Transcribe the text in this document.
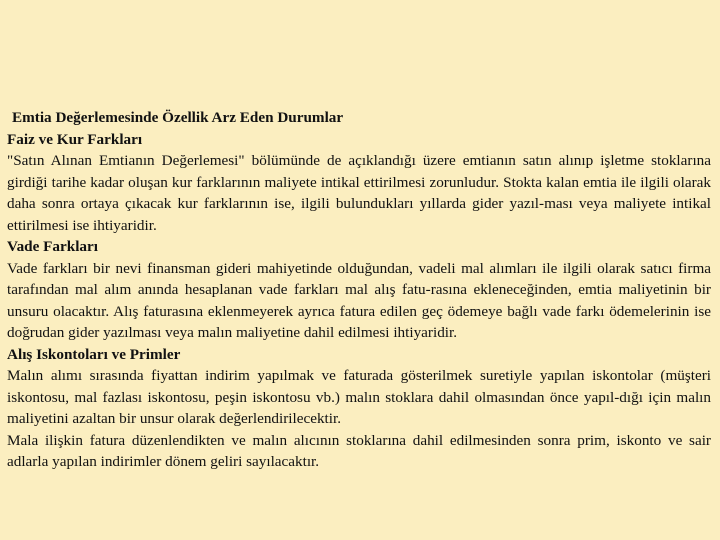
Emtia Değerlemesinde Özellik Arz Eden Durumlar

Faiz ve Kur Farkları

"Satın Alınan Emtianın Değerlemesi" bölümünde de açıklandığı üzere emtianın satın alınıp işletme stoklarına girdiği tarihe kadar oluşan kur farklarının maliyete intikal ettirilmesi zorunludur. Stokta kalan emtia ile ilgili olarak daha sonra ortaya çıkacak kur farklarının ise, ilgili bulundukları yıllarda gider yazıl-ması veya maliyete intikal ettirilmesi ise ihtiyaridir.

Vade Farkları

Vade farkları bir nevi finansman gideri mahiyetinde olduğundan, vadeli mal alımları ile ilgili olarak satıcı firma tarafından mal alım anında hesaplanan vade farkları mal alış fatu-rasına ekleneceğinden, emtia maliyetinin bir unsuru olacaktır. Alış faturasına eklenmeyerek ayrıca fatura edilen geç ödemeye bağlı vade farkı ödemelerinin ise doğrudan gider yazılması veya malın maliyetine dahil edilmesi ihtiyaridir.

Alış Iskontoları ve Primler

Malın alımı sırasında fiyattan indirim yapılmak ve faturada gösterilmek suretiyle yapılan iskontolar (müşteri iskontosu, mal fazlası iskontosu, peşin iskontosu vb.) malın stoklara dahil olmasından önce yapıl-dığı için malın maliyetini azaltan bir unsur olarak değerlendirilecektir.

Mala ilişkin fatura düzenlendikten ve malın alıcının stoklarına dahil edilmesinden sonra prim, iskonto ve sair adlarla yapılan indirimler dönem geliri sayılacaktır.
